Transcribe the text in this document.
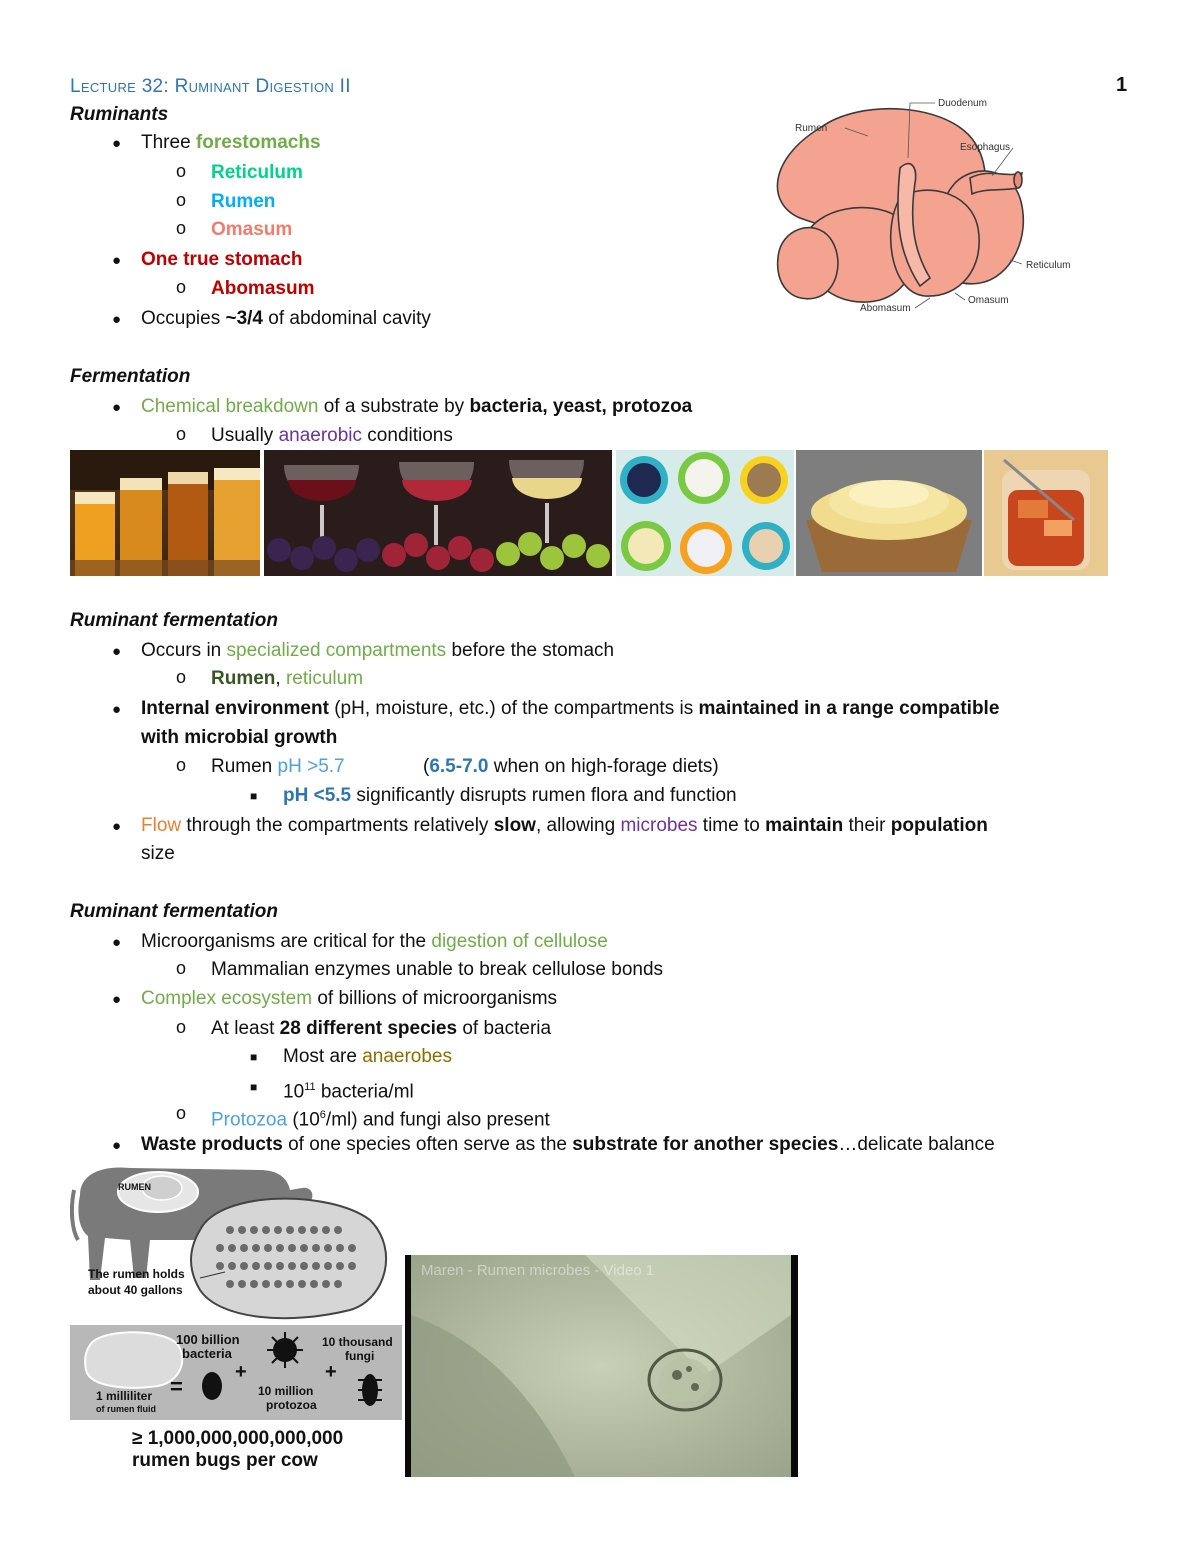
Lecture 32: Ruminant Digestion II	1
Ruminants
● Three forestomachs
o Reticulum
o Rumen
o Omasum
● One true stomach
o Abomasum
● Occupies ~3/4 of abdominal cavity
Rumen
Duodenum
Esophagus
Reticulum
Omasum
Abomasum
Fermentation
● Chemical breakdown of a substrate by bacteria, yeast, protozoa
o Usually anaerobic conditions
Ruminant fermentation
● Occurs in specialized compartments before the stomach
o Rumen, reticulum
● Internal environment (pH, moisture, etc.) of the compartments is maintained in a range compatible
with microbial growth
o Rumen pH >5.7	(6.5-7.0 when on high-forage diets)
■ pH <5.5 significantly disrupts rumen flora and function
● Flow through the compartments relatively slow, allowing microbes time to maintain their population
size
Ruminant fermentation
● Microorganisms are critical for the digestion of cellulose
o Mammalian enzymes unable to break cellulose bonds
● Complex ecosystem of billions of microorganisms
o At least 28 different species of bacteria
■ Most are anaerobes
■ $10^{11}$ bacteria/ml
o Protozoa $(10^6/ml)$ and fungi also present
● Waste products of one species often serve as the substrate for another species…delicate balance
RUMEN
The rumen holds
about 40 gallons
1 milliliter
of rumen fluid
=
100 billion
bacteria
+
10 million
protozoa
+
10 thousand
fungi
≥ 1,000,000,000,000,000
rumen bugs per cow
Maren - Rumen microbes - Video 1
